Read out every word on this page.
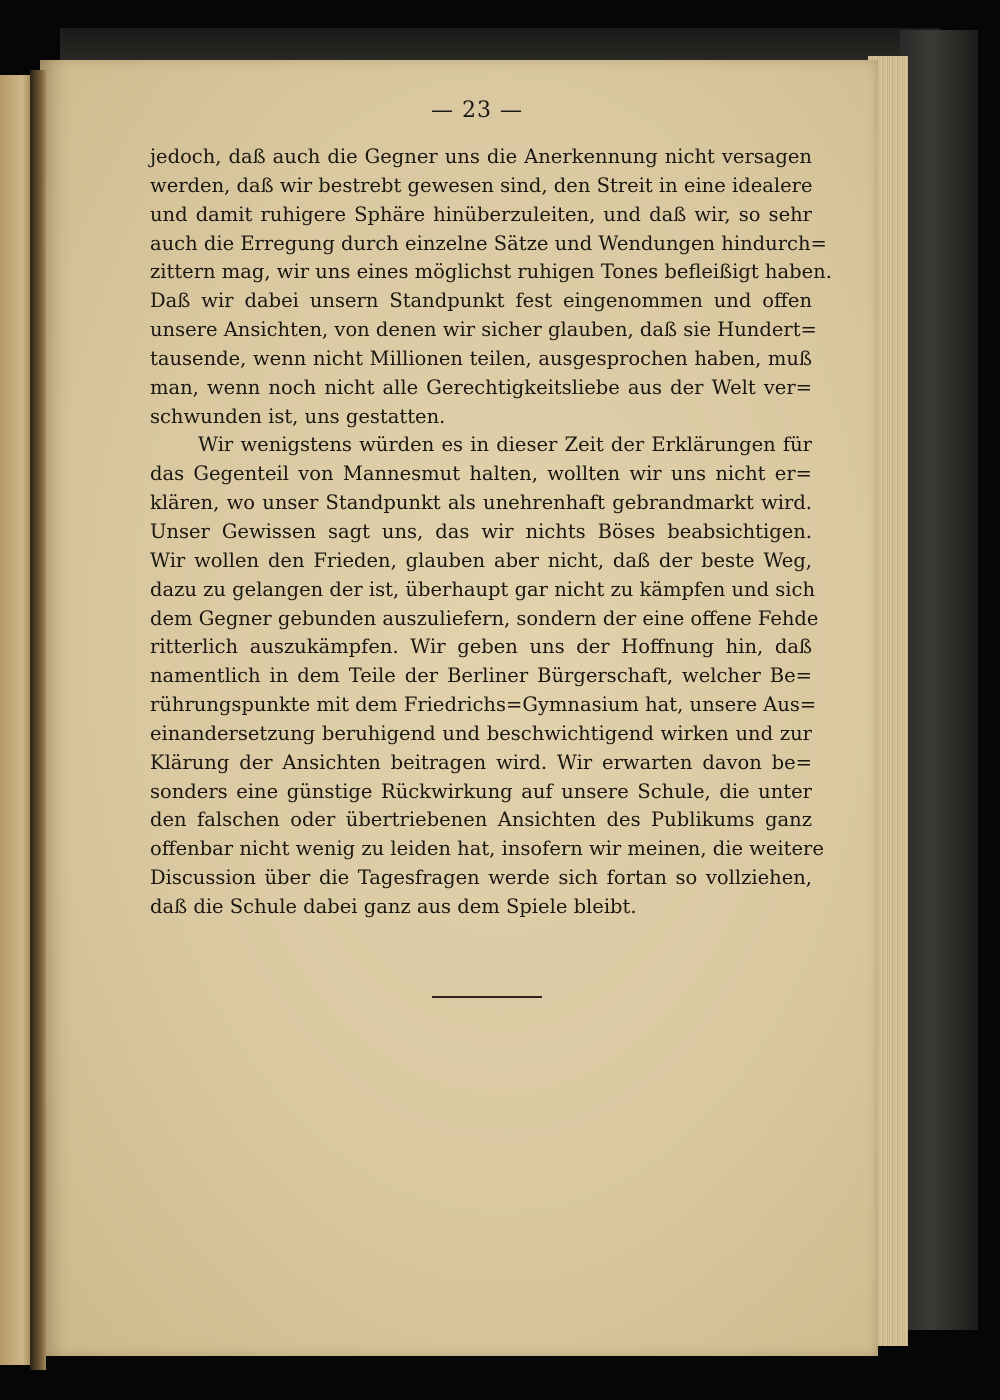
— 23 —
jedoch, daß auch die Gegner uns die Anerkennung nicht versagen
werden, daß wir bestrebt gewesen sind, den Streit in eine idealere
und damit ruhigere Sphäre hinüberzuleiten, und daß wir, so sehr
auch die Erregung durch einzelne Sätze und Wendungen hindurch=
zittern mag, wir uns eines möglichst ruhigen Tones befleißigt haben.
Daß wir dabei unsern Standpunkt fest eingenommen und offen
unsere Ansichten, von denen wir sicher glauben, daß sie Hundert=
tausende, wenn nicht Millionen teilen, ausgesprochen haben, muß
man, wenn noch nicht alle Gerechtigkeitsliebe aus der Welt ver=
schwunden ist, uns gestatten.
Wir wenigstens würden es in dieser Zeit der Erklärungen für
das Gegenteil von Mannesmut halten, wollten wir uns nicht er=
klären, wo unser Standpunkt als unehrenhaft gebrandmarkt wird.
Unser Gewissen sagt uns, das wir nichts Böses beabsichtigen.
Wir wollen den Frieden, glauben aber nicht, daß der beste Weg,
dazu zu gelangen der ist, überhaupt gar nicht zu kämpfen und sich
dem Gegner gebunden auszuliefern, sondern der eine offene Fehde
ritterlich auszukämpfen. Wir geben uns der Hoffnung hin, daß
namentlich in dem Teile der Berliner Bürgerschaft, welcher Be=
rührungspunkte mit dem Friedrichs=Gymnasium hat, unsere Aus=
einandersetzung beruhigend und beschwichtigend wirken und zur
Klärung der Ansichten beitragen wird. Wir erwarten davon be=
sonders eine günstige Rückwirkung auf unsere Schule, die unter
den falschen oder übertriebenen Ansichten des Publikums ganz
offenbar nicht wenig zu leiden hat, insofern wir meinen, die weitere
Discussion über die Tagesfragen werde sich fortan so vollziehen,
daß die Schule dabei ganz aus dem Spiele bleibt.
